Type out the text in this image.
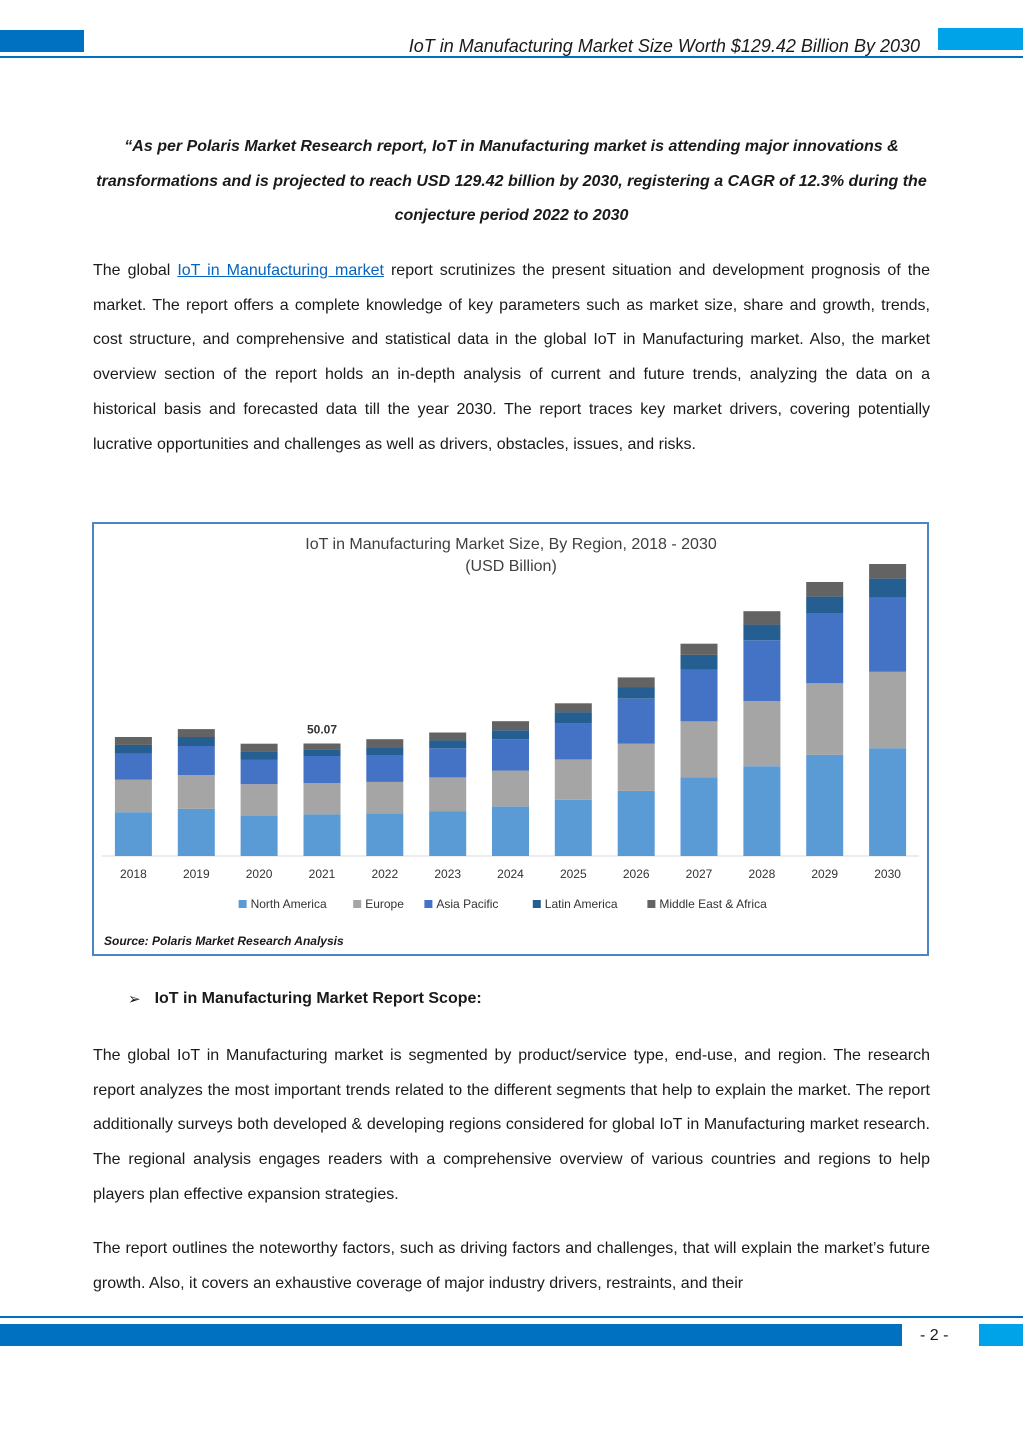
IoT in Manufacturing Market Size Worth $129.42 Billion By 2030
“As per Polaris Market Research report, IoT in Manufacturing market is attending major innovations & transformations and is projected to reach USD 129.42 billion by 2030, registering a CAGR of 12.3% during the conjecture period 2022 to 2030
The global IoT in Manufacturing market report scrutinizes the present situation and development prognosis of the market. The report offers a complete knowledge of key parameters such as market size, share and growth, trends, cost structure, and comprehensive and statistical data in the global IoT in Manufacturing market. Also, the market overview section of the report holds an in-depth analysis of current and future trends, analyzing the data on a historical basis and forecasted data till the year 2030. The report traces key market drivers, covering potentially lucrative opportunities and challenges as well as drivers, obstacles, issues, and risks.
IoT in Manufacturing Market Size, By Region, 2018 - 2030
(USD Billion)
2018	2019	2020	2021	2022	2023	2024	2025	2026	2027	2028	2029	2030
50.07
North America	Europe	Asia Pacific	Latin America	Middle East & Africa
Source: Polaris Market Research Analysis
➢ IoT in Manufacturing Market Report Scope:
The global IoT in Manufacturing market is segmented by product/service type, end-use, and region. The research report analyzes the most important trends related to the different segments that help to explain the market. The report additionally surveys both developed & developing regions considered for global IoT in Manufacturing market research. The regional analysis engages readers with a comprehensive overview of various countries and regions to help players plan effective expansion strategies.
The report outlines the noteworthy factors, such as driving factors and challenges, that will explain the market’s future growth. Also, it covers an exhaustive coverage of major industry drivers, restraints, and their
- 2 -
